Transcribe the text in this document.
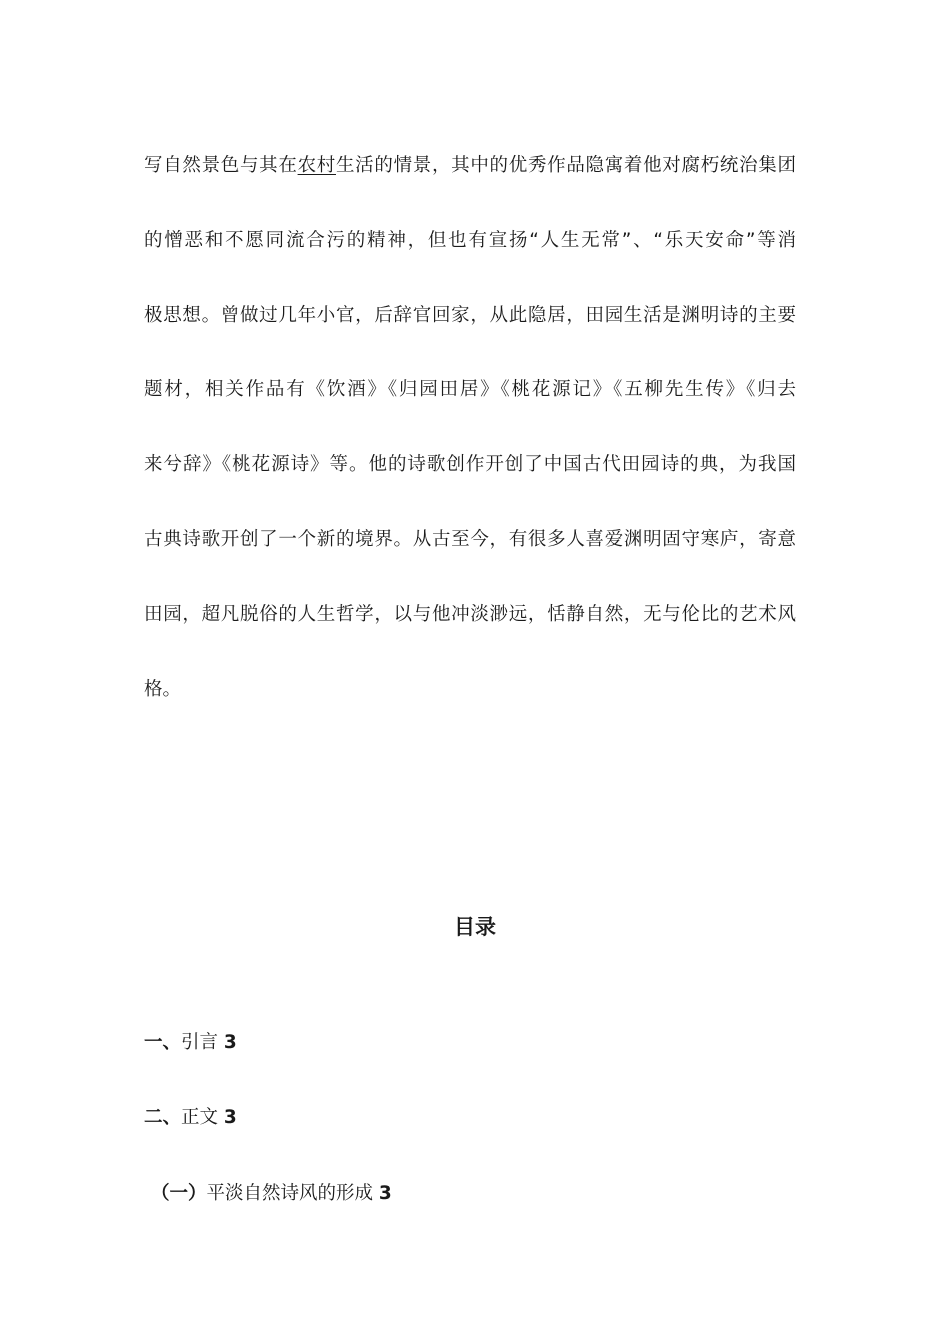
写自然景色与其在农村生活的情景，其中的优秀作品隐寓着他对腐朽统治集团
的憎恶和不愿同流合污的精神，但也有宣扬“人生无常”、“乐天安命”等消
极思想。曾做过几年小官，后辞官回家，从此隐居，田园生活是渊明诗的主要
题材，相关作品有《饮酒》《归园田居》《桃花源记》《五柳先生传》《归去
来兮辞》《桃花源诗》等。他的诗歌创作开创了中国古代田园诗的典，为我国
古典诗歌开创了一个新的境界。从古至今，有很多人喜爱渊明固守寒庐，寄意
田园，超凡脱俗的人生哲学，以与他冲淡渺远，恬静自然，无与伦比的艺术风
格。
目录
一、引言 3
二、正文 3
（一）平淡自然诗风的形成 3
